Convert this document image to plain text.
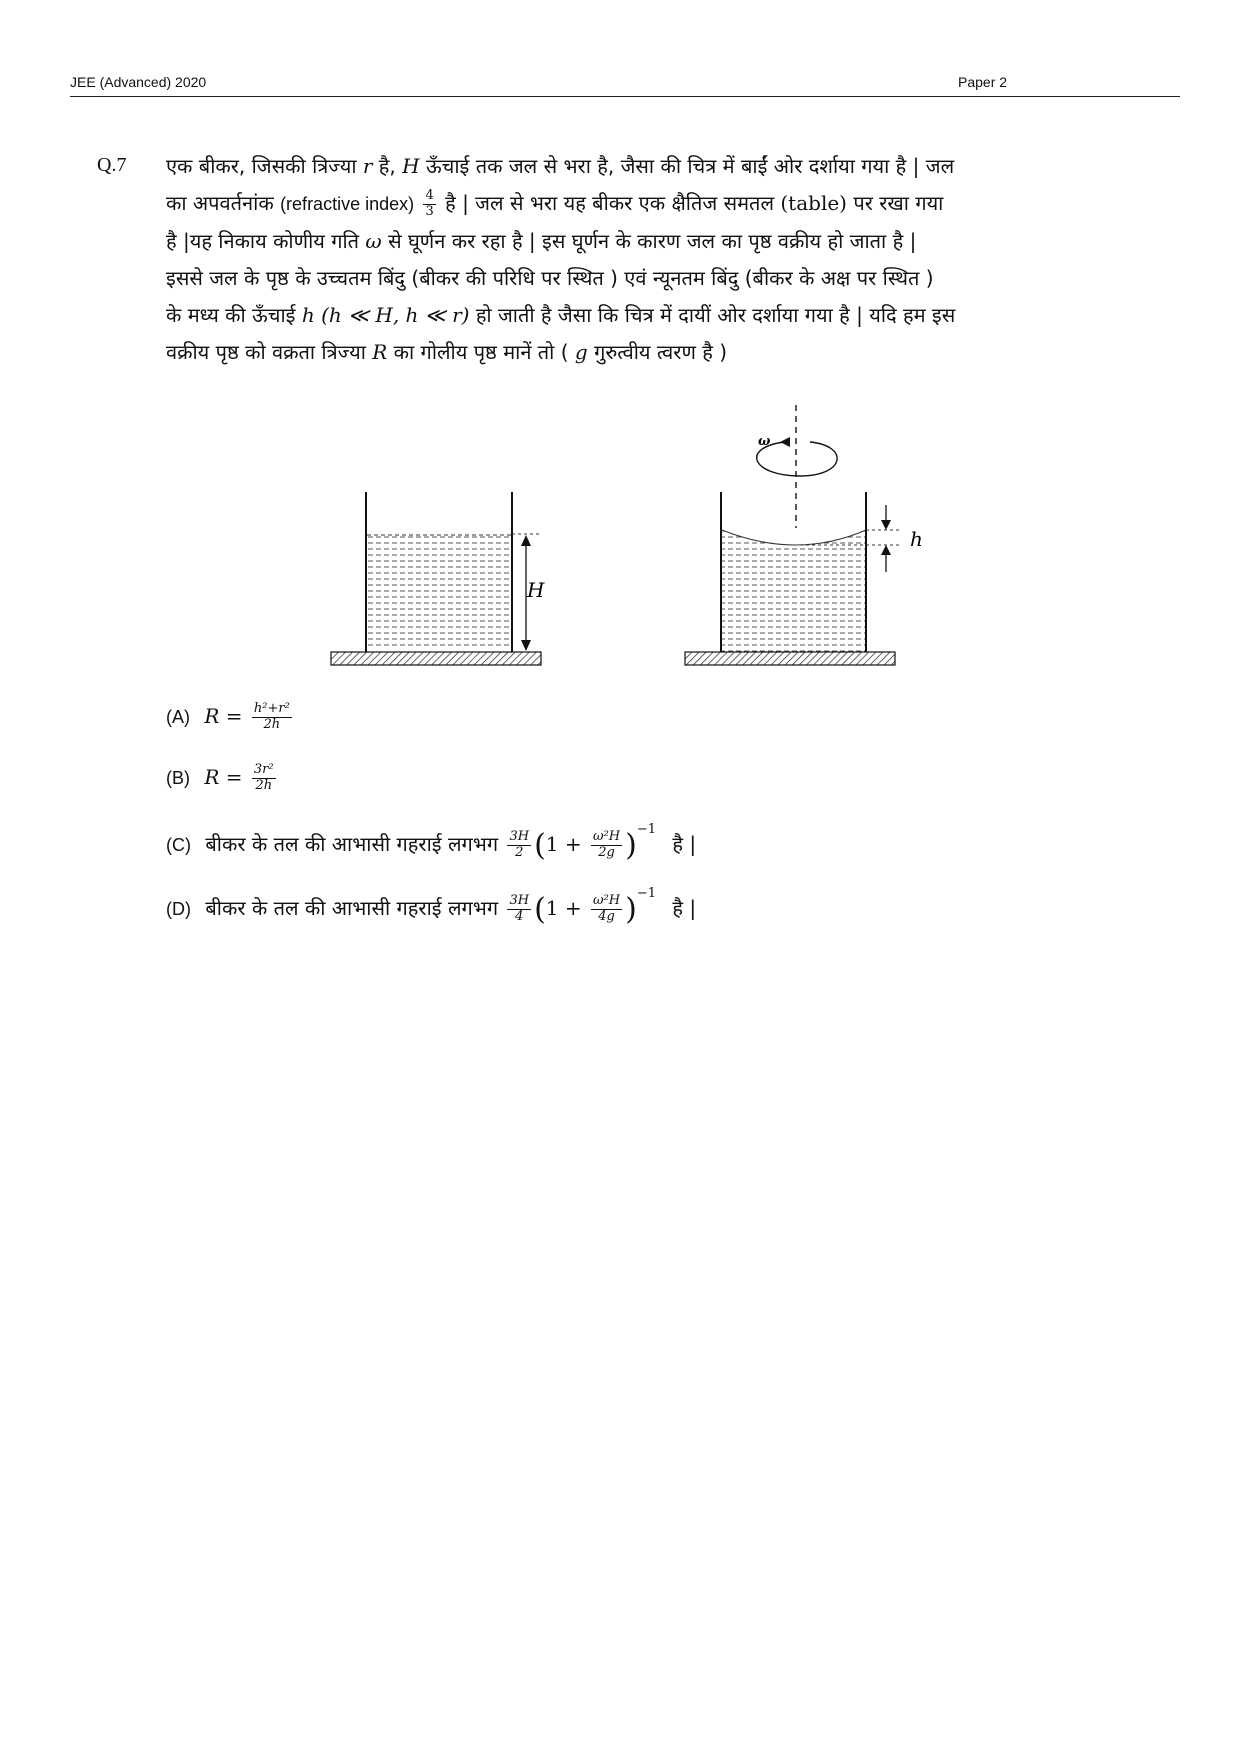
JEE (Advanced) 2020	Paper 2
Q.7 एक बीकर, जिसकी त्रिज्या r है, H ऊँचाई तक जल से भरा है, जैसा की चित्र में बाईं ओर दर्शाया गया है | जल
का अपवर्तनांक (refractive index) $\frac{4}{3}$ है | जल से भरा यह बीकर एक क्षैतिज समतल (table) पर रखा गया
है |यह निकाय कोणीय गति ω से घूर्णन कर रहा है | इस घूर्णन के कारण जल का पृष्ठ वक्रीय हो जाता है |
इससे जल के पृष्ठ के उच्चतम बिंदु (बीकर की परिधि पर स्थित ) एवं न्यूनतम बिंदु (बीकर के अक्ष पर स्थित )
के मध्य की ऊँचाई h (h ≪ H, h ≪ r) हो जाती है जैसा कि चित्र में दायीं ओर दर्शाया गया है | यदि हम इस
वक्रीय पृष्ठ को वक्रता त्रिज्या R का गोलीय पृष्ठ मानें तो ( g गुरुत्वीय त्वरण है )
H
ω
h
(A) $R = \frac{\text{h²+r²}}{2h}$
(B) $R = \frac{\text{3r²}}{2h}$
(C) बीकर के तल की आभासी गहराई लगभग $\frac{3H}{2} (1 + \frac{\text{ω²H}}{2g} )^{-1}$ है |
(D) बीकर के तल की आभासी गहराई लगभग $\frac{3H}{4} (1 + \frac{\text{ω²H}}{4g} )^{-1}$ है |
